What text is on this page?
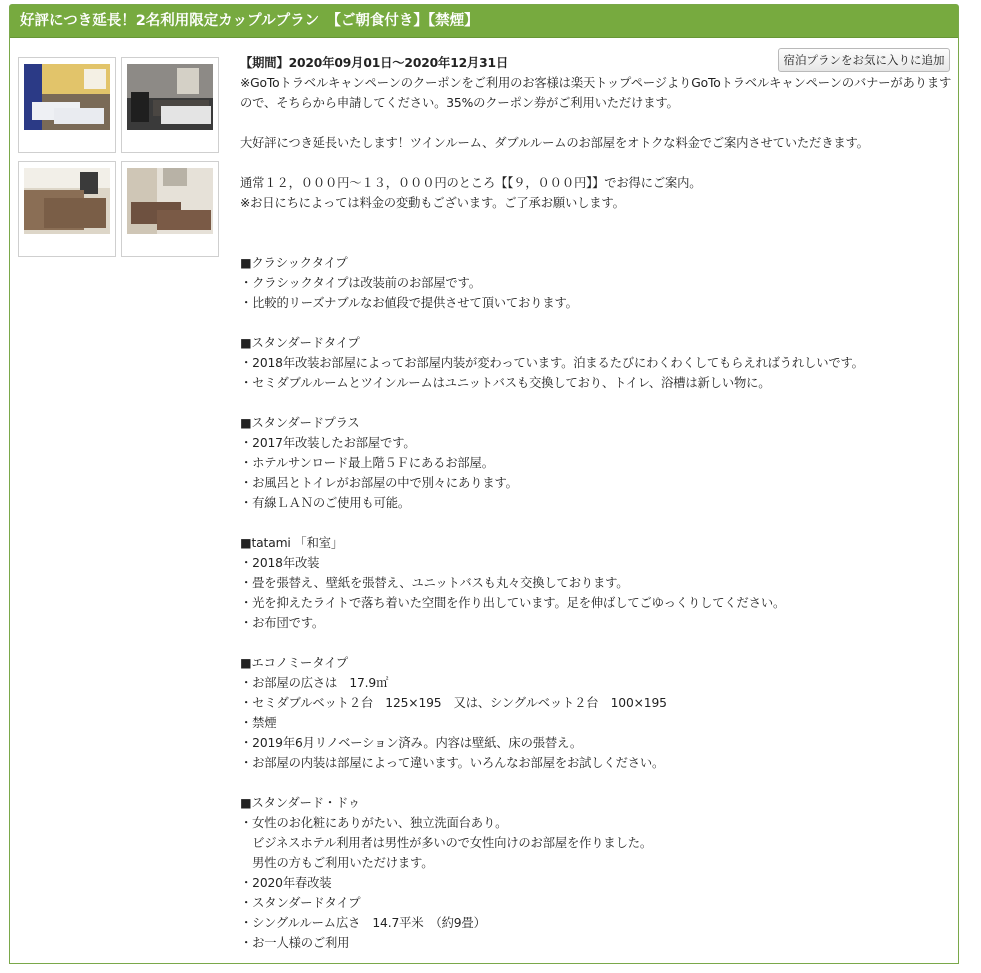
好評につき延長！2名利用限定カップルプラン　【ご朝食付き】【禁煙】
宿泊プランをお気に入りに追加
【期間】2020年09月01日～2020年12月31日
※GoToトラベルキャンペーンのクーポンをご利用のお客様は楽天トップページよりGoToトラベルキャンペーンのバナーがありますので、そちらから申請してください。35%のクーポン券がご利用いただけます。
大好評につき延長いたします！ツインルーム、ダブルルームのお部屋をオトクな料金でご案内させていただきます。
通常１２，０００円～１３，０００円のところ【【９，０００円】】でお得にご案内。
※お日にちによっては料金の変動もございます。ご了承お願いします。
■クラシックタイプ
・クラシックタイプは改装前のお部屋です。
・比較的リーズナブルなお値段で提供させて頂いております。
■スタンダードタイプ
・2018年改装お部屋によってお部屋内装が変わっています。泊まるたびにわくわくしてもらえればうれしいです。
・セミダブルルームとツインルームはユニットバスも交換しており、トイレ、浴槽は新しい物に。
■スタンダードプラス
・2017年改装したお部屋です。
・ホテルサンロード最上階５Ｆにあるお部屋。
・お風呂とトイレがお部屋の中で別々にあります。
・有線ＬＡＮのご使用も可能。
■tatami 「和室」
・2018年改装
・畳を張替え、壁紙を張替え、ユニットバスも丸々交換しております。
・光を抑えたライトで落ち着いた空間を作り出しています。足を伸ばしてごゆっくりしてください。
・お布団です。
■エコノミータイプ
・お部屋の広さは　17.9㎡
・セミダブルベット２台　125×195　又は、シングルベット２台　100×195
・禁煙
・2019年6月リノベーション済み。内容は壁紙、床の張替え。
・お部屋の内装は部屋によって違います。いろんなお部屋をお試しください。
■スタンダード・ドゥ
・女性のお化粧にありがたい、独立洗面台あり。
　ビジネスホテル利用者は男性が多いので女性向けのお部屋を作りました。
　男性の方もご利用いただけます。
・2020年春改装
・スタンダードタイプ
・シングルルーム広さ　14.7平米　（約9畳）
・お一人様のご利用
